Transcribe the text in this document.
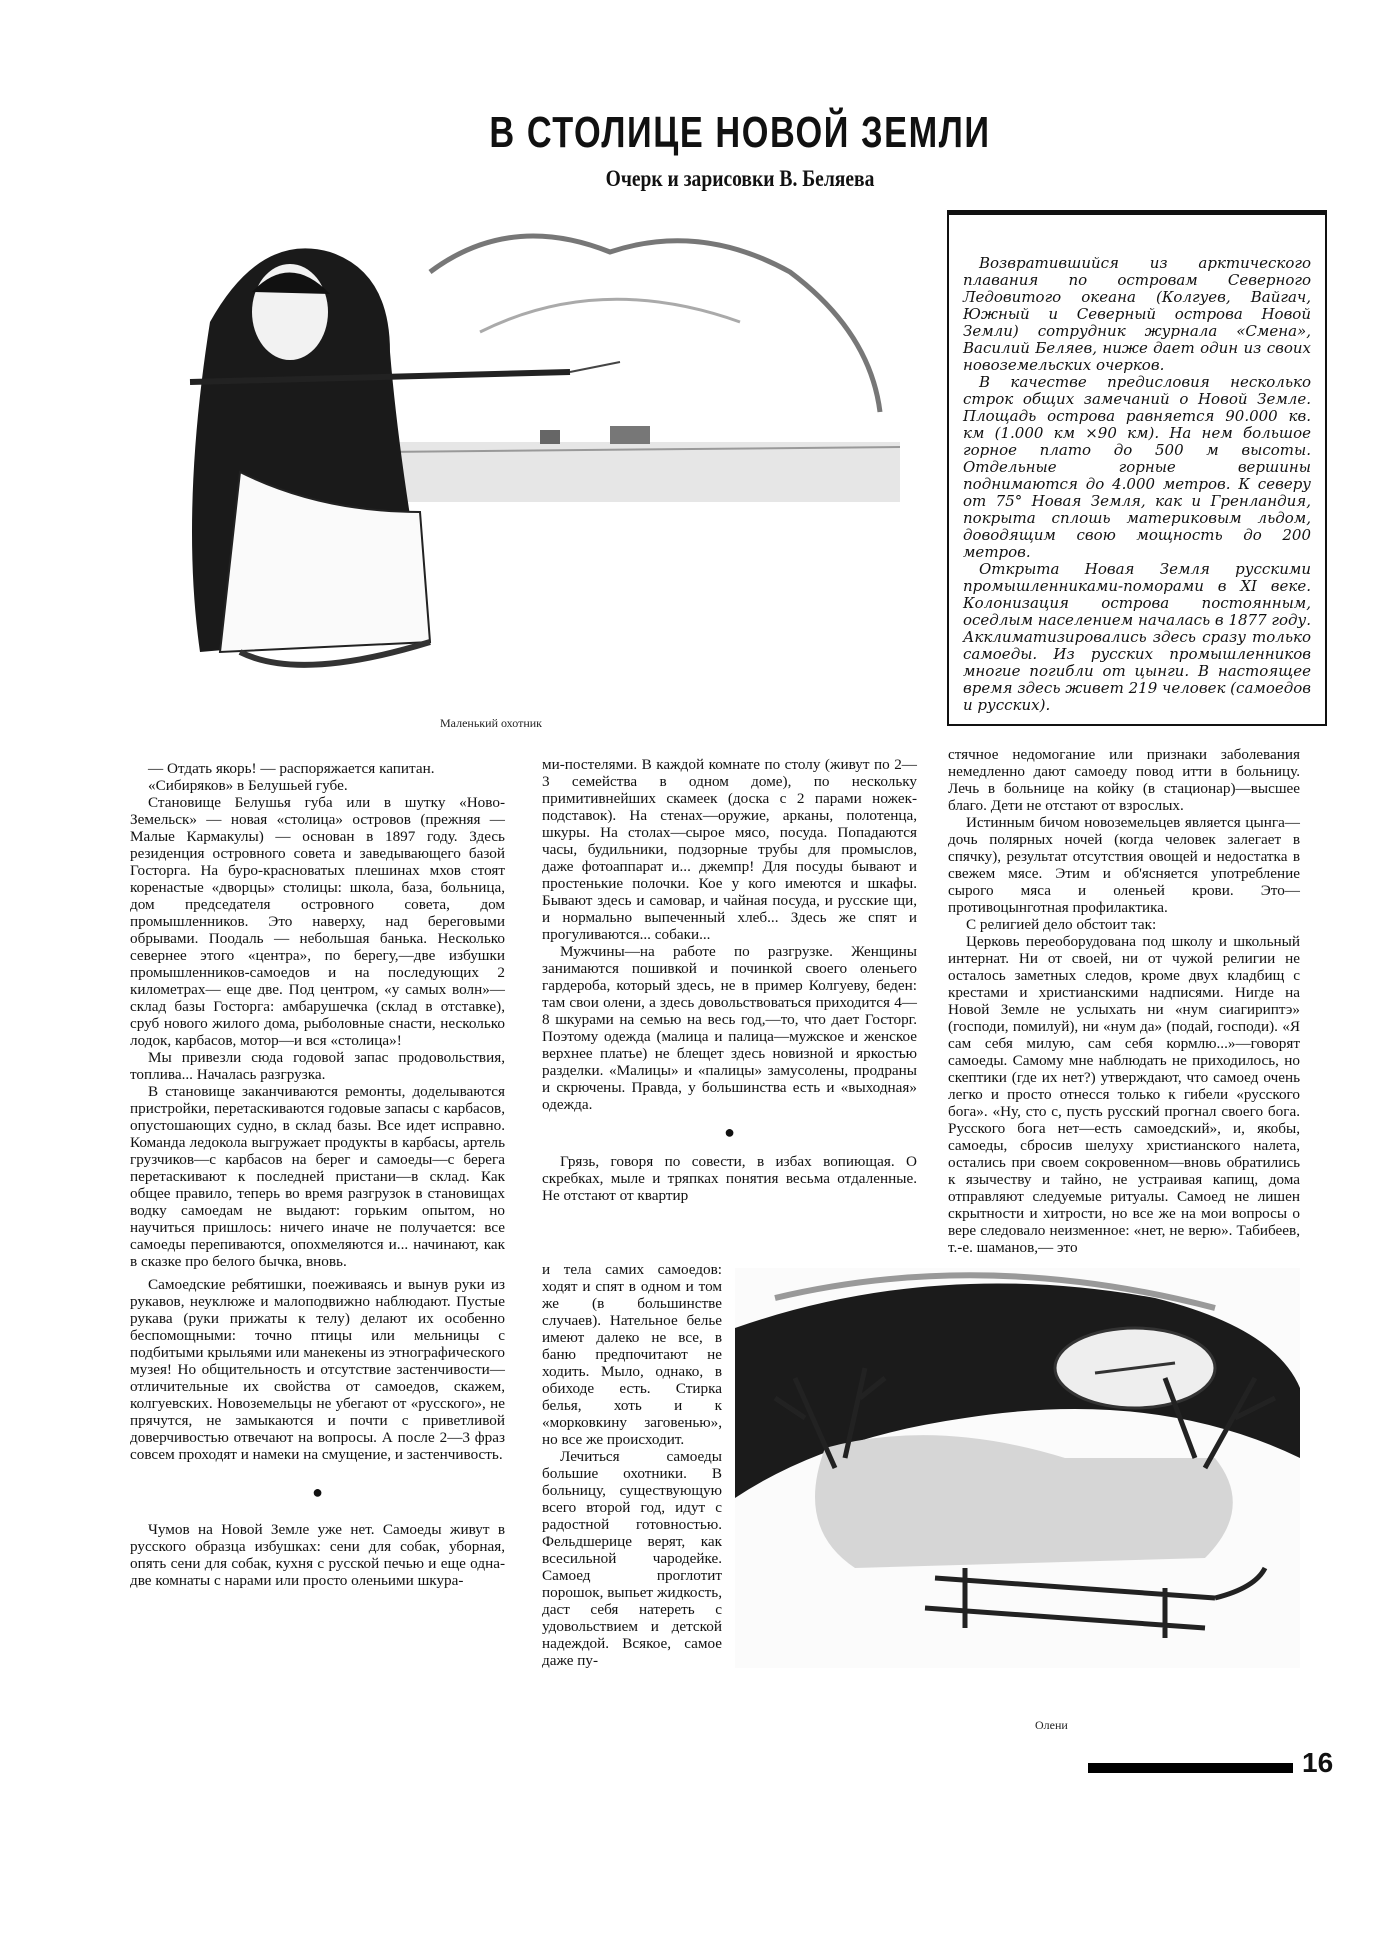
В СТОЛИЦЕ НОВОЙ ЗЕМЛИ
Очерк и зарисовки В. Беляева
Маленький охотник

Возвратившийся из арктического плавания по островам Северного Ледовитого океана (Колгуев, Вайгач, Южный и Северный острова Новой Земли) сотрудник журнала «Смена», Василий Беляев, ниже дает один из своих новоземельских очерков.

В качестве предисловия несколько строк общих замечаний о Новой Земле. Площадь острова равняется 90.000 кв. км (1.000 км ×90 км). На нем большое горное плато до 500 м высоты. Отдельные горные вершины поднимаются до 4.000 метров. К северу от 75° Новая Земля, как и Гренландия, покрыта сплошь материковым льдом, доводящим свою мощность до 200 метров.

Открыта Новая Земля русскими промышленниками-поморами в XI веке. Колонизация острова постоянным, оседлым населением началась в 1877 году. Акклиматизировались здесь сразу только самоеды. Из русских промышленников многие погибли от цынги. В настоящее время здесь живет 219 человек (самоедов и русских).

— Отдать якорь! — распоряжается капитан.

«Сибиряков» в Белушьей губе.

Становище Белушья губа или в шутку «Ново-Земельск» — новая «столица» островов (прежняя — Малые Кармакулы) — основан в 1897 году. Здесь резиденция островного совета и заведывающего базой Госторга. На буро-красноватых плешинах мхов стоят коренастые «дворцы» столицы: школа, база, больница, дом председателя островного совета, дом промышленников. Это наверху, над береговыми обрывами. Поодаль — небольшая банька. Несколько севернее этого «центра», по берегу,—две избушки промышленников-самоедов и на последующих 2 километрах— еще две. Под центром, «у самых волн»—склад базы Госторга: амбарушечка (склад в отставке), сруб нового жилого дома, рыболовные снасти, несколько лодок, карбасов, мотор—и вся «столица»!

Мы привезли сюда годовой запас продовольствия, топлива... Началась разгрузка.

В становище заканчиваются ремонты, доделываются пристройки, перетаскиваются годовые запасы с карбасов, опустошающих судно, в склад базы. Все идет исправно. Команда ледокола выгружает продукты в карбасы, артель грузчиков—с карбасов на берег и самоеды—с берега перетаскивают к последней пристани—в склад. Как общее правило, теперь во время разгрузок в становищах водку самоедам не выдают: горьким опытом, но научиться пришлось: ничего иначе не получается: все самоеды перепиваются, опохмеляются и... начинают, как в сказке про белого бычка, вновь.

Самоедские ребятишки, поеживаясь и вынув руки из рукавов, неуклюже и малоподвижно наблюдают. Пустые рукава (руки прижаты к телу) делают их особенно беспомощными: точно птицы или мельницы с подбитыми крыльями или манекены из этнографического музея! Но общительность и отсутствие застенчивости—отличительные их свойства от самоедов, скажем, колгуевских. Новоземельцы не убегают от «русского», не прячутся, не замыкаются и почти с приветливой доверчивостью отвечают на вопросы. А после 2—3 фраз совсем проходят и намеки на смущение, и застенчивость.

●

Чумов на Новой Земле уже нет. Самоеды живут в русского образца избушках: сени для собак, уборная, опять сени для собак, кухня с русской печью и еще одна-две комнаты с нарами или просто оленьими шкура-

ми-постелями. В каждой комнате по столу (живут по 2—3 семейства в одном доме), по нескольку примитивнейших скамеек (доска с 2 парами ножек-подставок). На стенах—оружие, арканы, полотенца, шкуры. На столах—сырое мясо, посуда. Попадаются часы, будильники, подзорные трубы для промыслов, даже фотоаппарат и... джемпр! Для посуды бывают и простенькие полочки. Кое у кого имеются и шкафы. Бывают здесь и самовар, и чайная посуда, и русские щи, и нормально выпеченный хлеб... Здесь же спят и прогуливаются... собаки...

Мужчины—на работе по разгрузке. Женщины занимаются пошивкой и починкой своего оленьего гардероба, который здесь, не в пример Колгуеву, беден: там свои олени, а здесь довольствоваться приходится 4—8 шкурами на семью на весь год,—то, что дает Госторг. Поэтому одежда (малица и палица—мужское и женское верхнее платье) не блещет здесь новизной и яркостью разделки. «Малицы» и «палицы» замусолены, продраны и скрючены. Правда, у большинства есть и «выходная» одежда.

●

Грязь, говоря по совести, в избах вопиющая. О скребках, мыле и тряпках понятия весьма отдаленные. Не отстают от квартир

и тела самих самоедов: ходят и спят в одном и том же (в большинстве случаев). Нательное белье имеют далеко не все, в баню предпочитают не ходить. Мыло, однако, в обиходе есть. Стирка белья, хоть и к «морковкину заговенью», но все же происходит.

Лечиться самоеды большие охотники. В больницу, существующую всего второй год, идут с радостной готовностью. Фельдшерице верят, как всесильной чародейке. Самоед проглотит порошок, выпьет жидкость, даст себя натереть с удовольствием и детской надеждой. Всякое, самое даже пу-

стячное недомогание или признаки заболевания немедленно дают самоеду повод итти в больницу. Лечь в больнице на койку (в стационар)—высшее благо. Дети не отстают от взрослых.

Истинным бичом новоземельцев является цынга—дочь полярных ночей (когда человек залегает в спячку), результат отсутствия овощей и недостатка в свежем мясе. Этим и об'ясняется употребление сырого мяса и оленьей крови. Это—противоцынготная профилактика.

С религией дело обстоит так:

Церковь переоборудована под школу и школьный интернат. Ни от своей, ни от чужой религии не осталось заметных следов, кроме двух кладбищ с крестами и христианскими надписями. Нигде на Новой Земле не услыхать ни «нум сиагириптэ» (господи, помилуй), ни «нум да» (подай, господи). «Я сам себя милую, сам себя кормлю...»—говорят самоеды. Самому мне наблюдать не приходилось, но скептики (где их нет?) утверждают, что самоед очень легко и просто отнесся только к гибели «русского бога». «Ну, сто с, пусть русский прогнал своего бога. Русского бога нет—есть самоедский», и, якобы, самоеды, сбросив шелуху христианского налета, остались при своем сокровенном—вновь обратились к язычеству и тайно, не устраивая капищ, дома отправляют следуемые ритуалы. Самоед не лишен скрытности и хитрости, но все же на мои вопросы о вере следовало неизменное: «нет, не верю». Табибеев, т.-е. шаманов,— это

Олени
16
